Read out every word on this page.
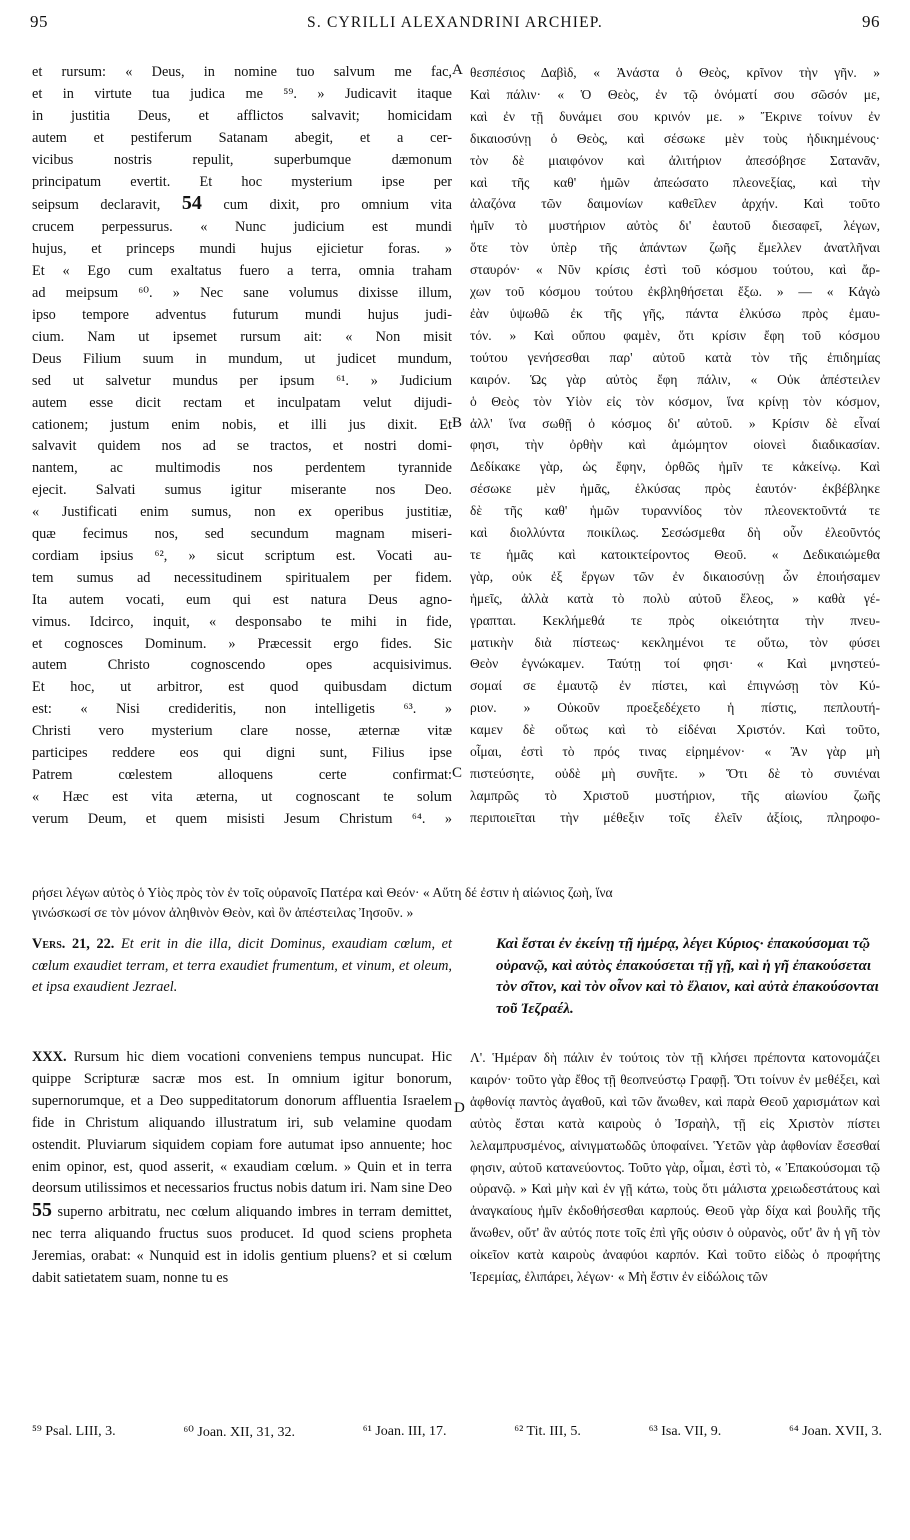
95	S. CYRILLI ALEXANDRINI ARCHIEP.	96
A
B
C
D
et rursum: « Deus, in nomine tuo salvum me fac,
et in virtute tua judica me ⁵⁹. » Judicavit itaque
in justitia Deus, et afflictos salvavit; homicidam
autem et pestiferum Satanam abegit, et a cer-
vicibus nostris repulit, superbumque dæmonum
principatum evertit. Et hoc mysterium ipse per
seipsum declaravit, 54 cum dixit, pro omnium vita
crucem perpessurus. « Nunc judicium est mundi
hujus, et princeps mundi hujus ejicietur foras. »
Et « Ego cum exaltatus fuero a terra, omnia traham
ad meipsum ⁶⁰. » Nec sane volumus dixisse illum,
ipso tempore adventus futurum mundi hujus judi-
cium. Nam ut ipsemet rursum ait: « Non misit
Deus Filium suum in mundum, ut judicet mundum,
sed ut salvetur mundus per ipsum ⁶¹. » Judicium
autem esse dicit rectam et inculpatam velut dijudi-
cationem; justum enim nobis, et illi jus dixit. Et
salvavit quidem nos ad se tractos, et nostri domi-
nantem, ac multimodis nos perdentem tyrannide
ejecit. Salvati sumus igitur miserante nos Deo.
« Justificati enim sumus, non ex operibus justitiæ,
quæ fecimus nos, sed secundum magnam miseri-
cordiam ipsius ⁶², » sicut scriptum est. Vocati au-
tem sumus ad necessitudinem spiritualem per fidem.
Ita autem vocati, eum qui est natura Deus agno-
vimus. Idcirco, inquit, « desponsabo te mihi in fide,
et cognosces Dominum. » Præcessit ergo fides. Sic
autem Christo cognoscendo opes acquisivimus.
Et hoc, ut arbitror, est quod quibusdam dictum
est: « Nisi credideritis, non intelligetis ⁶³. »
Christi vero mysterium clare nosse, æternæ vitæ
participes reddere eos qui digni sunt, Filius ipse
Patrem cœlestem alloquens certe confirmat:
« Hæc est vita æterna, ut cognoscant te solum
verum Deum, et quem misisti Jesum Christum ⁶⁴. »
θεσπέσιος Δαβὶδ, « Ἀνάστα ὁ Θεὸς, κρῖνον τὴν γῆν. »
Καὶ πάλιν· « Ὁ Θεὸς, ἐν τῷ ὀνόματί σου σῶσόν με,
καὶ ἐν τῇ δυνάμει σου κρινόν με. » Ἔκρινε τοίνυν ἐν
δικαιοσύνῃ ὁ Θεὸς, καὶ σέσωκε μὲν τοὺς ἠδικημένους·
τὸν δὲ μιαιφόνον καὶ ἀλιτήριον ἀπεσόβησε Σατανᾶν,
καὶ τῆς καθ' ἡμῶν ἀπεώσατο πλεονεξίας, καὶ τὴν
ἀλαζόνα τῶν δαιμονίων καθεῖλεν ἀρχήν. Καὶ τοῦτο
ἡμῖν τὸ μυστήριον αὐτὸς δι' ἑαυτοῦ διεσαφεῖ, λέγων,
ὅτε τὸν ὑπὲρ τῆς ἁπάντων ζωῆς ἔμελλεν ἀνατλῆναι
σταυρόν· « Νῦν κρίσις ἐστὶ τοῦ κόσμου τούτου, καὶ ἄρ-
χων τοῦ κόσμου τούτου ἐκβληθήσεται ἔξω. » — « Κἀγὼ
ἐὰν ὑψωθῶ ἐκ τῆς γῆς, πάντα ἑλκύσω πρὸς ἐμαυ-
τόν. » Καὶ οὔπου φαμὲν, ὅτι κρίσιν ἔφη τοῦ κόσμου
τούτου γενήσεσθαι παρ' αὐτοῦ κατὰ τὸν τῆς ἐπιδημίας
καιρόν. Ὡς γὰρ αὐτὸς ἔφη πάλιν, « Οὐκ ἀπέστειλεν
ὁ Θεὸς τὸν Υἱὸν εἰς τὸν κόσμον, ἵνα κρίνῃ τὸν κόσμον,
ἀλλ' ἵνα σωθῇ ὁ κόσμος δι' αὐτοῦ. » Κρίσιν δὲ εἶναί
φησι, τὴν ὀρθὴν καὶ ἀμώμητον οἱονεὶ διαδικασίαν.
Δεδίκακε γὰρ, ὡς ἔφην, ὀρθῶς ἡμῖν τε κἀκείνῳ. Καὶ
σέσωκε μὲν ἡμᾶς, ἑλκύσας πρὸς ἑαυτόν· ἐκβέβληκε
δὲ τῆς καθ' ἡμῶν τυραννίδος τὸν πλεονεκτοῦντά τε
καὶ διολλύντα ποικίλως. Σεσώσμεθα δὴ οὖν ἐλεοῦντός
τε ἡμᾶς καὶ κατοικτείροντος Θεοῦ. « Δεδικαιώμεθα
γὰρ, οὐκ ἐξ ἔργων τῶν ἐν δικαιοσύνῃ ὧν ἐποιήσαμεν
ἡμεῖς, ἀλλὰ κατὰ τὸ πολὺ αὐτοῦ ἔλεος, » καθὰ γέ-
γραπται. Κεκλήμεθά τε πρὸς οἰκειότητα τὴν πνευ-
ματικὴν διὰ πίστεως· κεκλημένοι τε οὕτω, τὸν φύσει
Θεὸν ἐγνώκαμεν. Ταύτῃ τοί φησι· « Καὶ μνηστεύ-
σομαί σε ἐμαυτῷ ἐν πίστει, καὶ ἐπιγνώσῃ τὸν Κύ-
ριον. » Οὐκοῦν προεξεδέχετο ἡ πίστις, πεπλουτή-
καμεν δὲ οὕτως καὶ τὸ εἰδέναι Χριστόν. Καὶ τοῦτο,
οἶμαι, ἐστὶ τὸ πρός τινας εἰρημένον· « Ἂν γὰρ μὴ
πιστεύσητε, οὐδὲ μὴ συνῆτε. » Ὅτι δὲ τὸ συνιέναι
λαμπρῶς τὸ Χριστοῦ μυστήριον, τῆς αἰωνίου ζωῆς
περιποιεῖται τὴν μέθεξιν τοῖς ἐλεῖν ἀξίοις, πληροφο-
ρήσει λέγων αὐτὸς ὁ Υἱὸς πρὸς τὸν ἐν τοῖς οὐρανοῖς Πατέρα καὶ Θεόν· « Αὕτη δέ ἐστιν ἡ αἰώνιος ζωὴ, ἵνα
γινώσκωσί σε τὸν μόνον ἀληθινὸν Θεὸν, καὶ ὃν ἀπέστειλας Ἰησοῦν. »
Vers. 21, 22. Et erit in die illa, dicit Dominus, exaudiam cœlum, et cœlum exaudiet terram, et terra exaudiet frumentum, et vinum, et oleum, et ipsa exaudient Jezrael.
Καὶ ἔσται ἐν ἐκείνῃ τῇ ἡμέρᾳ, λέγει Κύριος· ἐπακούσομαι τῷ οὐρανῷ, καὶ αὐτὸς ἐπακούσεται τῇ γῇ, καὶ ἡ γῆ ἐπακούσεται τὸν σῖτον, καὶ τὸν οἶνον καὶ τὸ ἔλαιον, καὶ αὐτὰ ἐπακούσονται τοῦ Ἰεζραέλ.
XXX. Rursum hic diem vocationi conveniens tempus nuncupat. Hic quippe Scripturæ sacræ mos est. In omnium igitur bonorum, supernorumque, et a Deo suppeditatorum donorum affluentia Israelem fide in Christum aliquando illustratum iri, sub velamine quodam ostendit. Pluviarum siquidem copiam fore autumat ipso annuente; hoc enim opinor, est, quod asserit, « exaudiam cœlum. » Quin et in terra deorsum utilissimos et necessarios fructus nobis datum iri. Nam sine Deo 55 superno arbitratu, nec cœlum aliquando imbres in terram demittet, nec terra aliquando fructus suos producet. Id quod sciens propheta Jeremias, orabat: « Nunquid est in idolis gentium pluens? et si cœlum dabit satietatem suam, nonne tu es
Λ'. Ἡμέραν δὴ πάλιν ἐν τούτοις τὸν τῇ κλήσει πρέποντα κατονομάζει καιρόν· τοῦτο γὰρ ἔθος τῇ θεοπνεύστῳ Γραφῇ. Ὅτι τοίνυν ἐν μεθέξει, καὶ ἀφθονίᾳ παντὸς ἀγαθοῦ, καὶ τῶν ἄνωθεν, καὶ παρὰ Θεοῦ χαρισμάτων καὶ αὐτὸς ἔσται κατὰ καιροὺς ὁ Ἰσραὴλ, τῇ εἰς Χριστὸν πίστει λελαμπρυσμένος, αἰνιγματωδῶς ὑποφαίνει. Ὑετῶν γὰρ ἀφθονίαν ἔσεσθαί φησιν, αὐτοῦ κατανεύοντος. Τοῦτο γὰρ, οἶμαι, ἐστὶ τὸ, « Ἐπακούσομαι τῷ οὐρανῷ. » Καὶ μὴν καὶ ἐν γῇ κάτω, τοὺς ὅτι μάλιστα χρειωδεστάτους καὶ ἀναγκαίους ἡμῖν ἐκδοθήσεσθαι καρπούς. Θεοῦ γὰρ δίχα καὶ βουλῆς τῆς ἄνωθεν, οὔτ' ἂν αὐτός ποτε τοῖς ἐπὶ γῆς οὐσιν ὁ οὐρανὸς, οὔτ' ἂν ἡ γῆ τὸν οἰκεῖον κατὰ καιροὺς ἀναφύοι καρπόν. Καὶ τοῦτο εἰδὼς ὁ προφήτης Ἱερεμίας, ἐλιπάρει, λέγων· « Μὴ ἔστιν ἐν εἰδώλοις τῶν
⁵⁹ Psal. LIII, 3.	⁶⁰ Joan. XII, 31, 32.	⁶¹ Joan. III, 17.	⁶² Tit. III, 5.	⁶³ Isa. VII, 9.	⁶⁴ Joan. XVII, 3.
